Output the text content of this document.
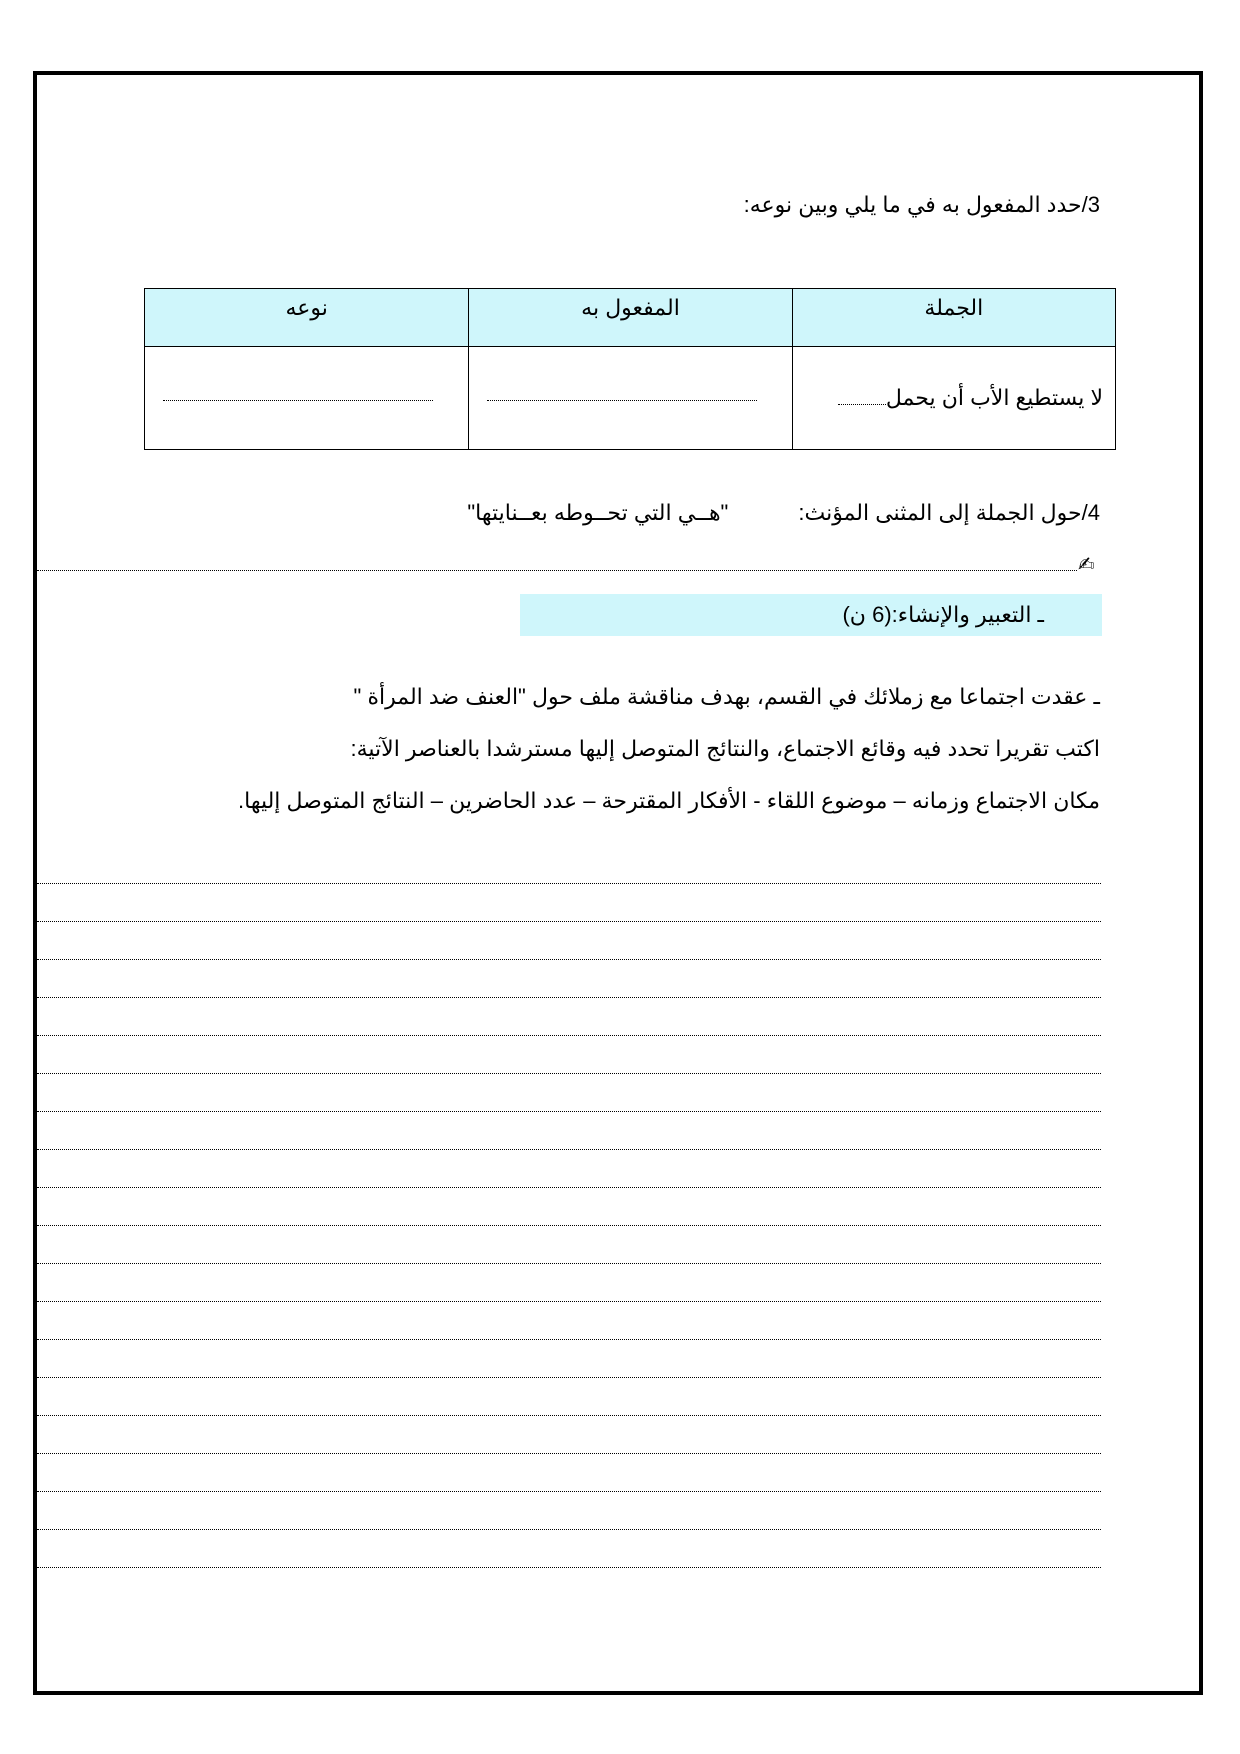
3/حدد المفعول به في ما يلي وبين نوعه:
الجملة	المفعول به	نوعه

لا يستطيع الأب أن يحمل		

4/حول الجملة إلى المثنى المؤنث:"هــي التي تحــوطه بعــنايتها"
✍
ـ التعبير والإنشاء:(6 ن)
ـ عقدت اجتماعا مع زملائك في القسم، بهدف مناقشة ملف حول "العنف ضد المرأة "
اكتب تقريرا تحدد فيه وقائع الاجتماع، والنتائج المتوصل إليها مسترشدا بالعناصر الآتية:
مكان الاجتماع وزمانه – موضوع اللقاء - الأفكار المقترحة – عدد الحاضرين – النتائج المتوصل إليها.
